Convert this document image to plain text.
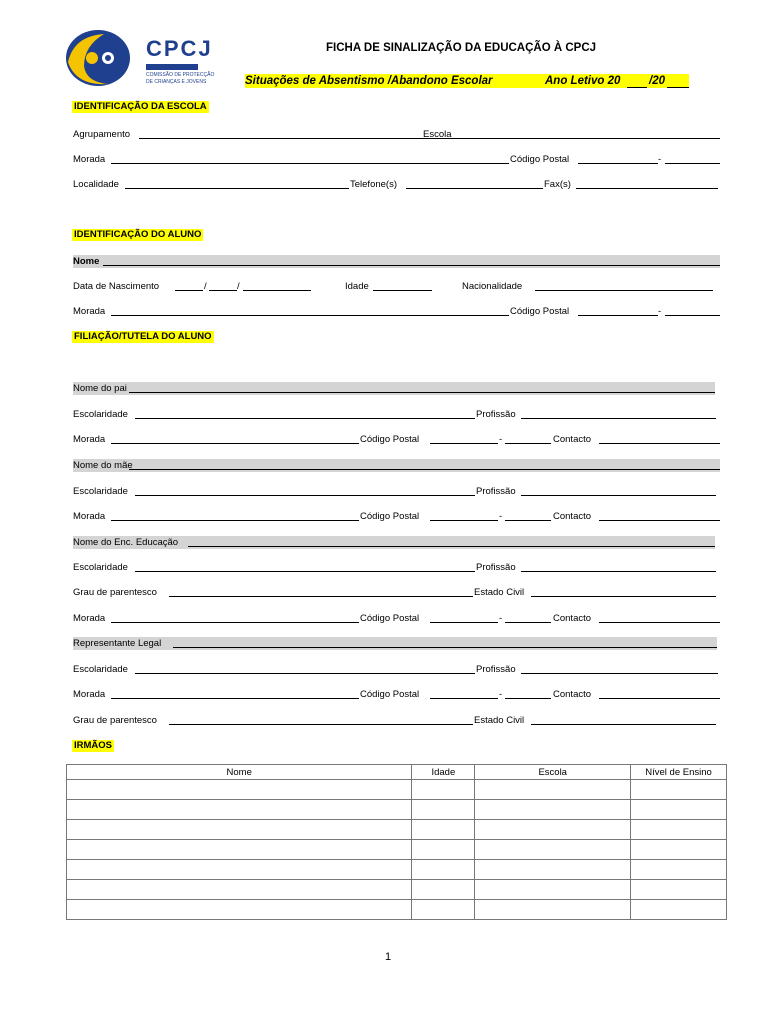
CPCJ
COMISSÃO DE PROTECÇÃO
DE CRIANÇAS E JOVENS
FICHA DE SINALIZAÇÃO DA EDUCAÇÃO À CPCJ
Situações de Absentismo /Abandono Escolar	Ano Letivo 20 /20
IDENTIFICAÇÃO DA ESCOLA
Agrupamento	Escola
Morada	Código Postal	-
Localidade	Telefone(s)	Fax(s)
IDENTIFICAÇÃO DO ALUNO
Nome
Data de Nascimento	/	/	Idade	Nacionalidade
Morada	Código Postal	-
FILIAÇÃO/TUTELA DO ALUNO
Nome do pai
Escolaridade	Profissão
Morada	Código Postal	-	Contacto
Nome do mãe
Escolaridade	Profissão
Morada	Código Postal	-	Contacto
Nome do Enc. Educação
Escolaridade	Profissão
Grau de parentesco	Estado Civil
Morada	Código Postal	-	Contacto
Representante Legal
Escolaridade	Profissão
Morada	Código Postal	-	Contacto
Grau de parentesco	Estado Civil
IRMÃOS
Nome	Idade	Escola	Nível de Ensino

1
